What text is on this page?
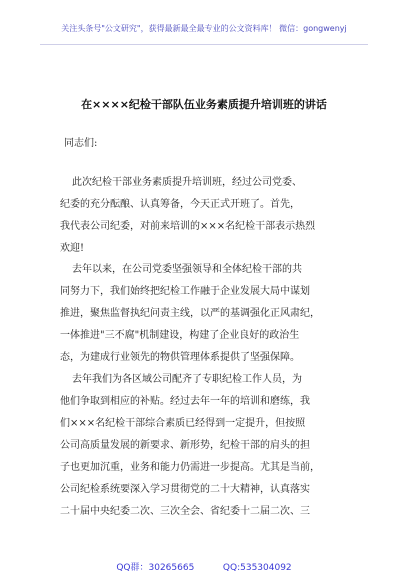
关注头条号"公文研究"，获得最新最全最专业的公文资料库！ 微信：gongwenyj
在××××纪检干部队伍业务素质提升培训班的讲话
同志们:
此次纪检干部业务素质提升培训班，经过公司党委、
纪委的充分酝酿、认真筹备，今天正式开班了。首先，
我代表公司纪委，对前来培训的×××名纪检干部表示热烈
欢迎!
去年以来，在公司党委坚强领导和全体纪检干部的共
同努力下，我们始终把纪检工作融于企业发展大局中谋划
推进，聚焦监督执纪问责主线，以严的基调强化正风肃纪，
一体推进"三不腐"机制建设，构建了企业良好的政治生
态，为建成行业领先的物供管理体系提供了坚强保障。
去年我们为各区域公司配齐了专职纪检工作人员，为
他们争取到相应的补贴。经过去年一年的培训和磨练，我
们×××名纪检干部综合素质已经得到一定提升，但按照
公司高质量发展的新要求、新形势，纪检干部的肩头的担
子也更加沉重，业务和能力仍需进一步提高。尤其是当前，
公司纪检系统要深入学习贯彻党的二十大精神，认真落实
二十届中央纪委二次、三次全会、省纪委十二届二次、三
QQ群：30265665	QQ:535304092
